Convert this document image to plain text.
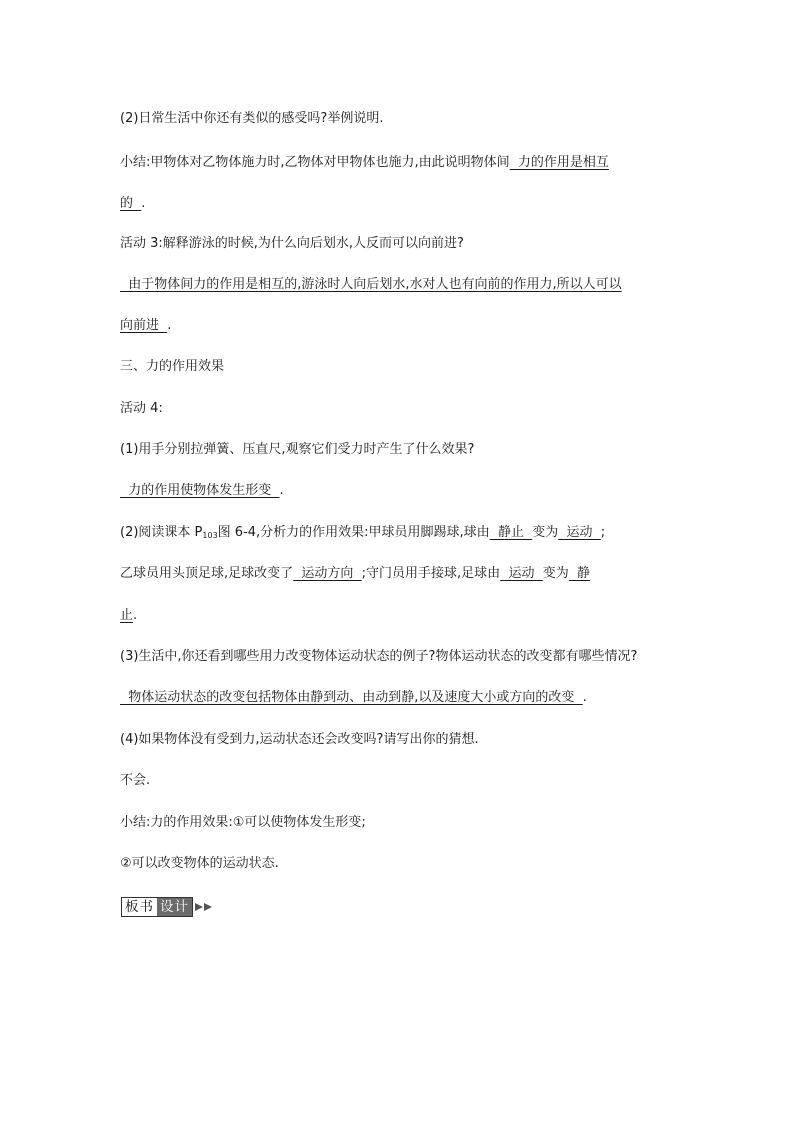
(2)日常生活中你还有类似的感受吗?举例说明.

小结:甲物体对乙物体施力时,乙物体对甲物体也施力,由此说明物体间  力的作用是相互

的  .

活动 3:解释游泳的时候,为什么向后划水,人反而可以向前进?

由于物体间力的作用是相互的,游泳时人向后划水,水对人也有向前的作用力,所以人可以

向前进  .

三、力的作用效果

活动 4:

(1)用手分别拉弹簧、压直尺,观察它们受力时产生了什么效果?

力的作用使物体发生形变  .

(2)阅读课本 $P_{103}$图 6-4,分析力的作用效果:甲球员用脚踢球,球由  静止  变为  运动  ;

乙球员用头顶足球,足球改变了  运动方向  ;守门员用手接球,足球由  运动  变为  静

止.

(3)生活中,你还看到哪些用力改变物体运动状态的例子?物体运动状态的改变都有哪些情况?

物体运动状态的改变包括物体由静到动、由动到静,以及速度大小或方向的改变  .

(4)如果物体没有受到力,运动状态还会改变吗?请写出你的猜想.

不会.

小结:力的作用效果:①可以使物体发生形变;

②可以改变物体的运动状态.

板书 设计
